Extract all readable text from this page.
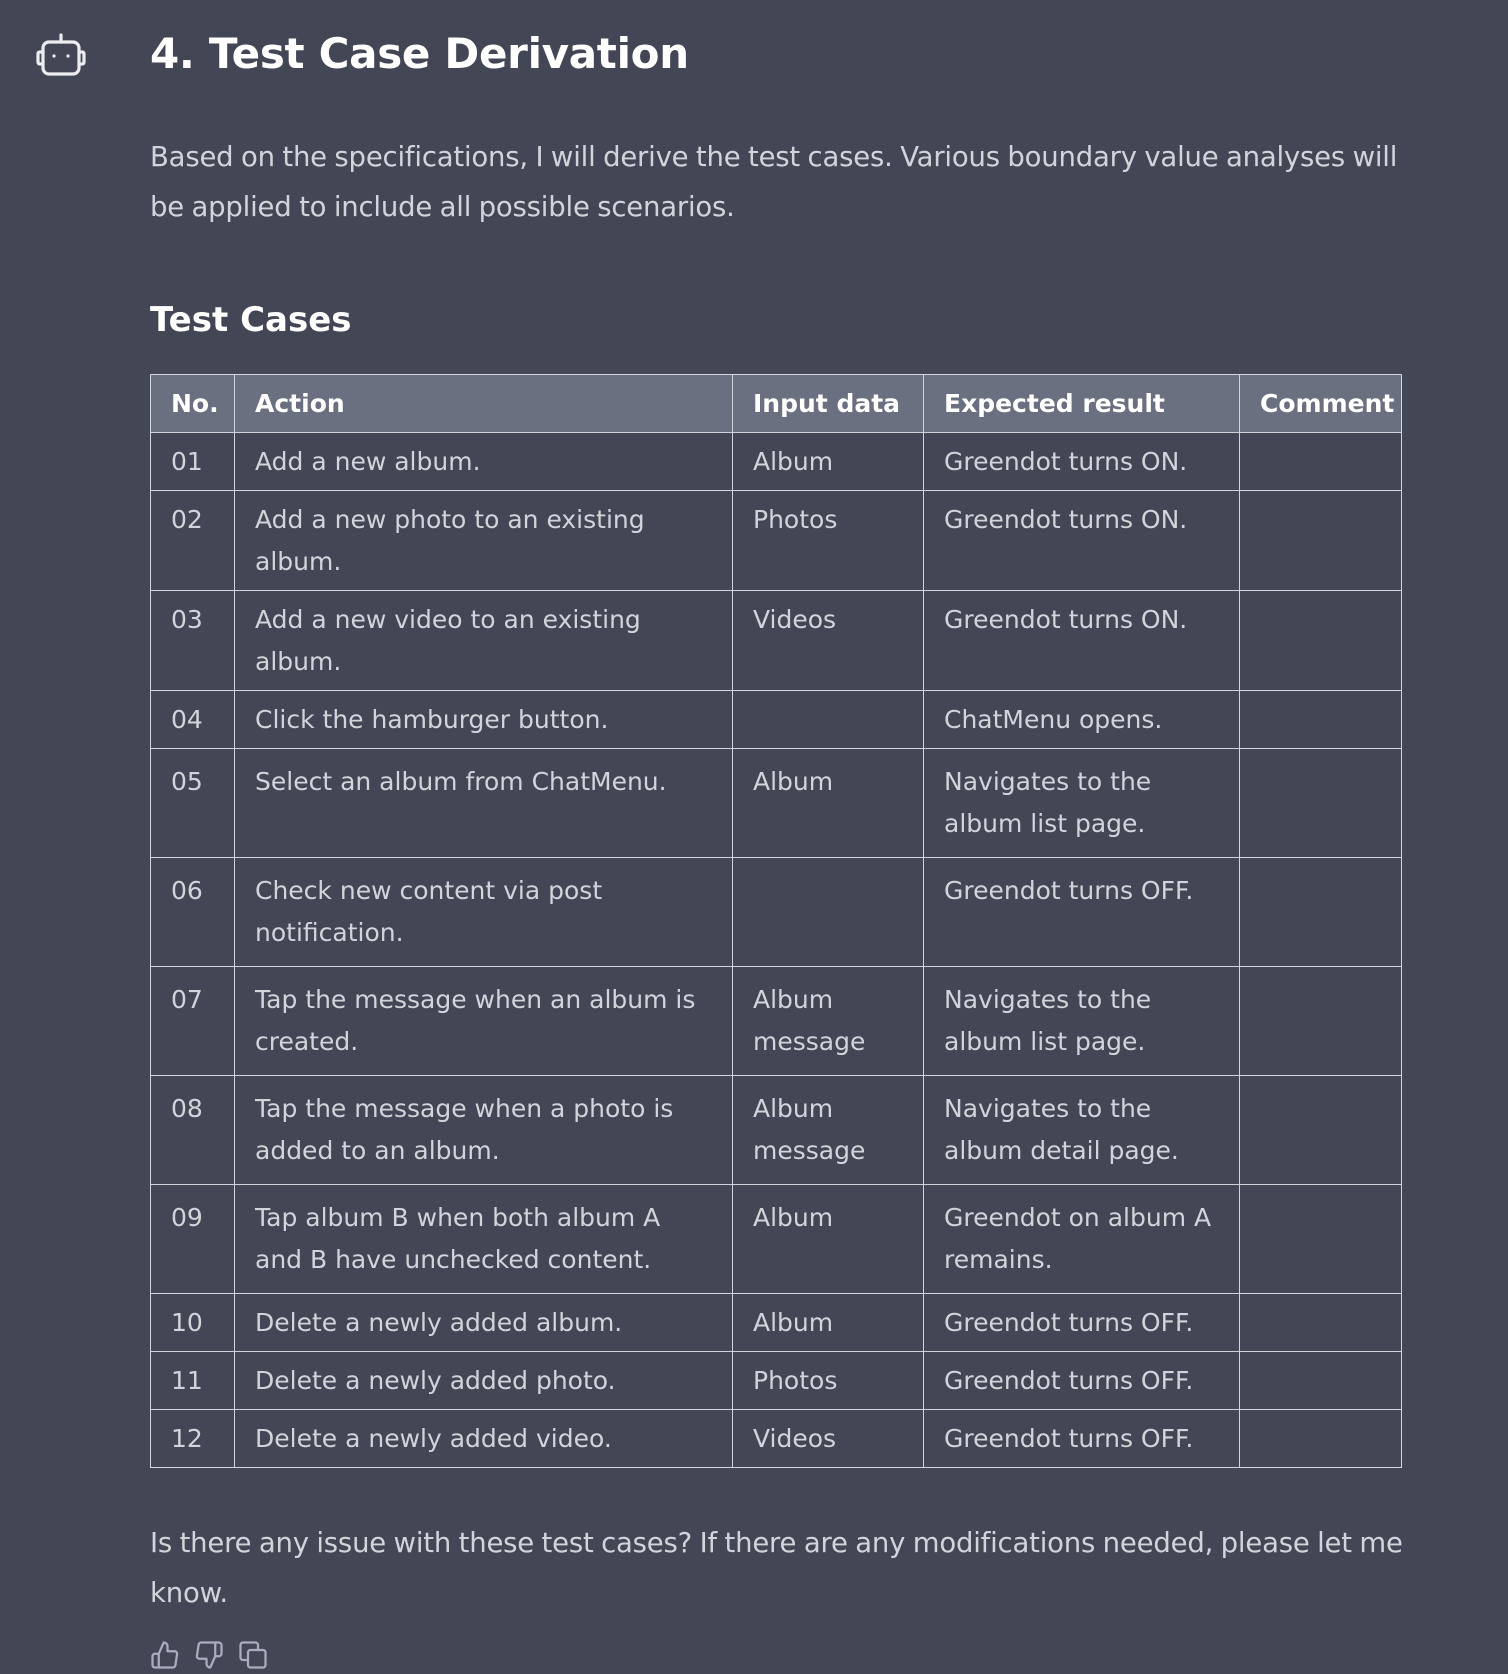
4. Test Case Derivation

Based on the specifications, I will derive the test cases. Various boundary value analyses will be applied to include all possible scenarios.

Test Cases
No.	Action	Input data	Expected result	Comment
01	Add a new album.	Album	Greendot turns ON.	
02	Add a new photo to an existing album.	Photos	Greendot turns ON.	
03	Add a new video to an existing album.	Videos	Greendot turns ON.	
04	Click the hamburger button.		ChatMenu opens.	
05	Select an album from ChatMenu.	Album	Navigates to the album list page.	
06	Check new content via post notification.		Greendot turns OFF.	
07	Tap the message when an album is created.	Album message	Navigates to the album list page.	
08	Tap the message when a photo is added to an album.	Album message	Navigates to the album detail page.	
09	Tap album B when both album A and B have unchecked content.	Album	Greendot on album A remains.	
10	Delete a newly added album.	Album	Greendot turns OFF.	
11	Delete a newly added photo.	Photos	Greendot turns OFF.	
12	Delete a newly added video.	Videos	Greendot turns OFF.	

Is there any issue with these test cases? If there are any modifications needed, please let me know.
